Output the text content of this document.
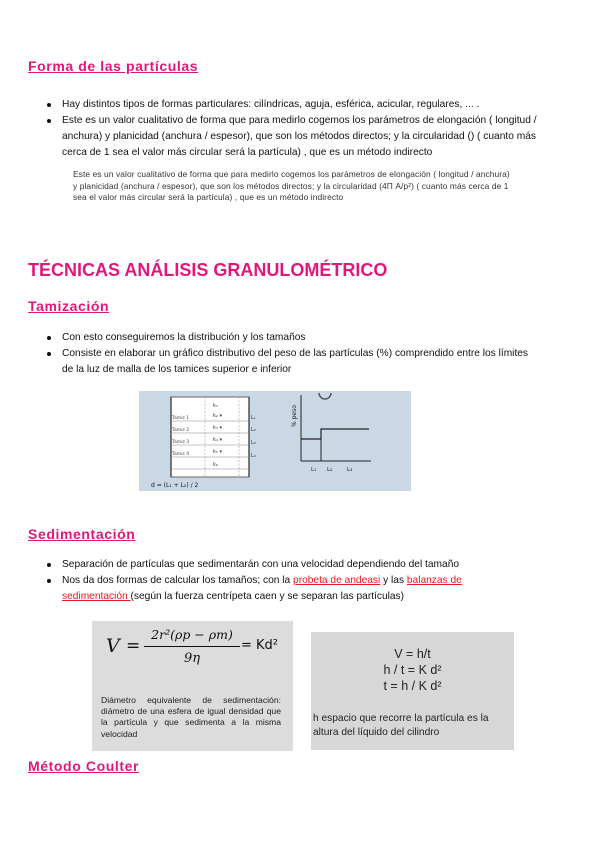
Forma de las partículas
Hay distintos tipos de formas particulares: cilíndricas, aguja, esférica, acicular, regulares, ... .
Este es un valor cualitativo de forma que para medirlo cogemos los parámetros de elongación ( longitud / anchura) y planicidad (anchura / espesor), que son los métodos directos; y la circularidad () ( cuanto más cerca de 1 sea el valor más circular será la partícula) , que es un método indirecto
Este es un valor cualitativo de forma que para medirlo cogemos los parámetros de elongación ( longitud / anchura)
y planicidad (anchura / espesor), que son los métodos directos; y la circularidad (4Π A/p²) ( cuanto más cerca de 1
sea el valor más circular será la partícula) , que es un método indirecto
TÉCNICAS ANÁLISIS GRANULOMÉTRICO
Tamización
Con esto conseguiremos la distribución y los tamaños
Consiste en elaborar un gráfico distributivo del peso de las partículas (%) comprendido entre los límites de la luz de malla de los tamices superior e inferior
Tamiz 1
Tamiz 2
Tamiz 3
Tamiz 4
k₁
k₂ ▾
k₃ ▾
k₄ ▾
k₅ ▾
k₆
L₁
L₂
L₃
L₄
d = (L₁ + L₂) / 2
% peso
L₁ L₂	L₃
Sedimentación
Separación de partículas que sedimentarán con una velocidad dependiendo del tamaño
Nos da dos formas de calcular los tamaños; con la probeta de andeasi y las balanzas de sedimentación (según la fuerza centrípeta caen y se separan las partículas)
V =
2r²(ρp − ρm)
9η
= Kd²
Diámetro equivalente de sedimentación: diámetro de una esfera de igual densidad que la partícula y que sedimenta a la misma velocidad
V = h/t
h / t = K d²
t = h / K d²
h espacio que recorre la partícula es la altura del líquido del cilindro
Método Coulter
